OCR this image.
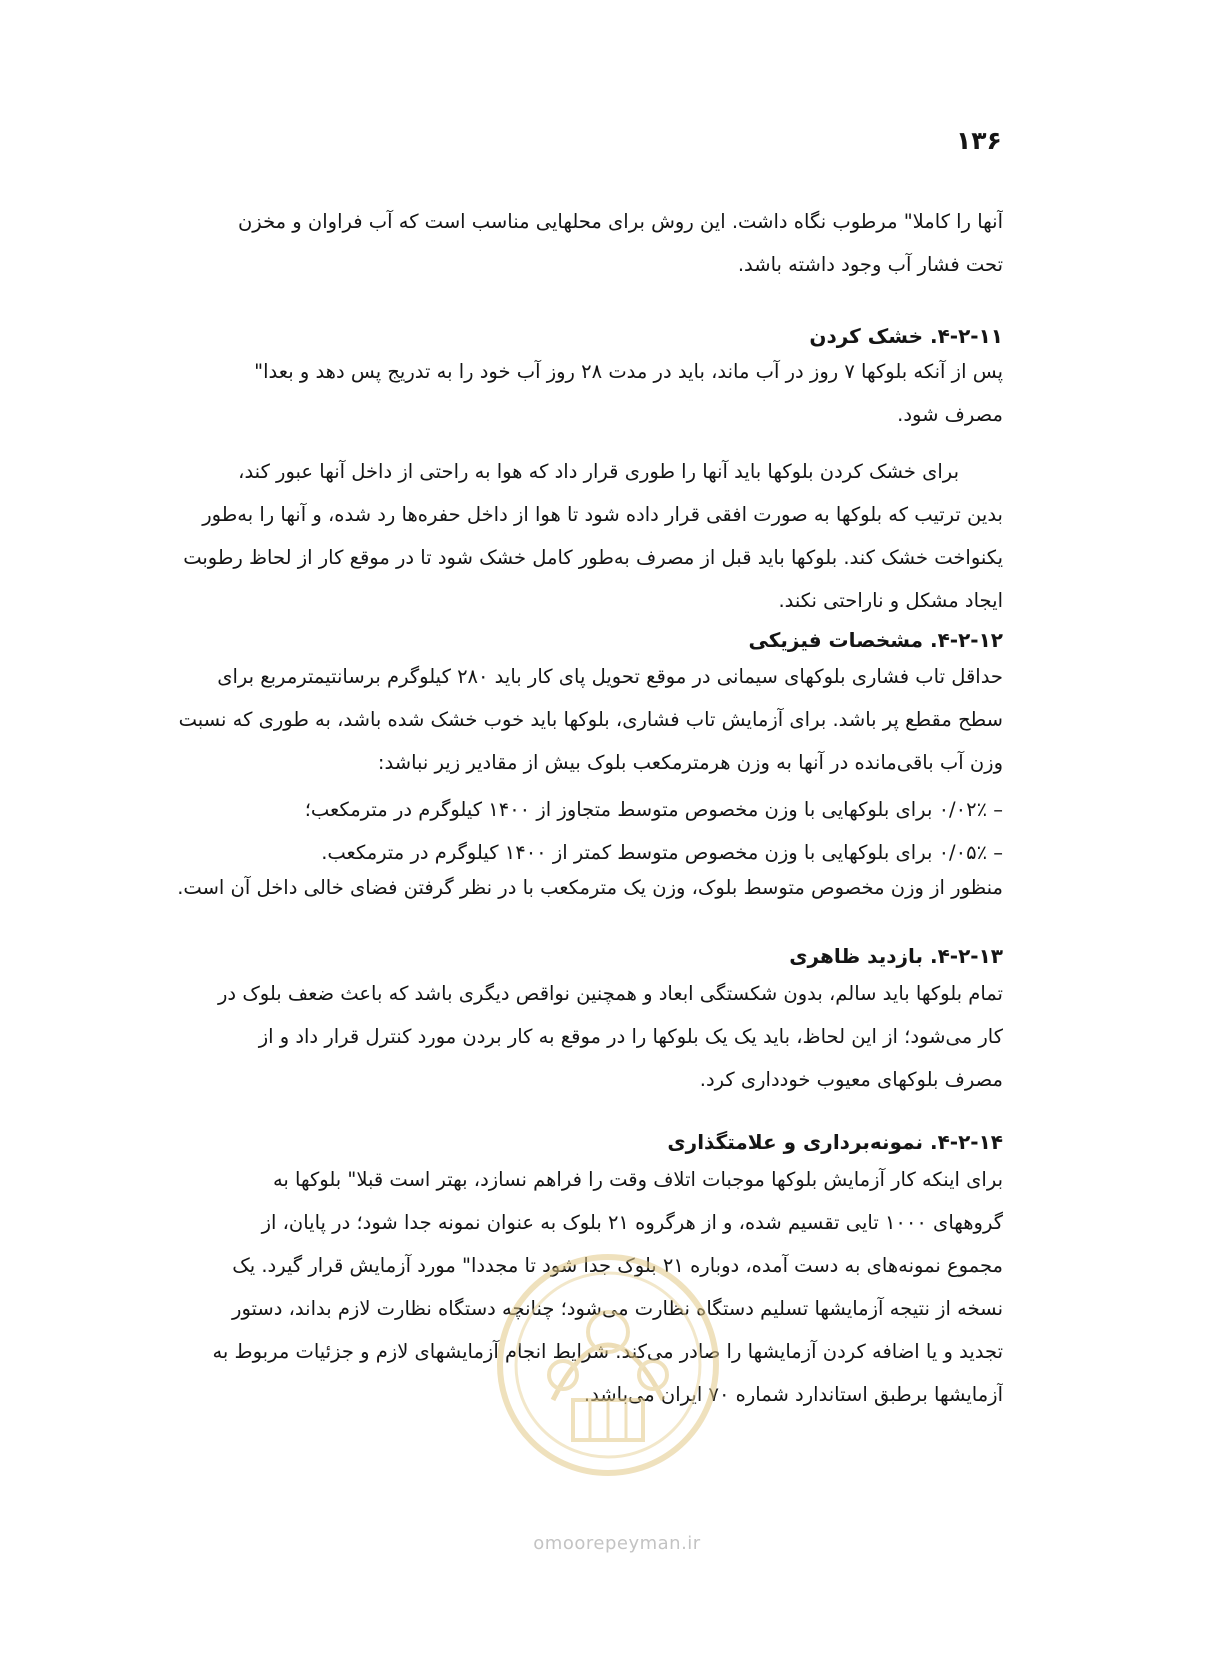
۱۳۶
آنها را کاملا" مرطوب نگاه داشت. این روش برای محلهایی مناسب است که آب فراوان و مخزن
تحت فشار آب وجود داشته باشد.
۴-۲-۱۱. خشک کردن
پس از آنکه بلوکها ۷ روز در آب ماند، باید در مدت ۲۸ روز آب خود را به تدریج پس دهد و بعدا"
مصرف شود.
برای خشک کردن بلوکها باید آنها را طوری قرار داد که هوا به راحتی از داخل آنها عبور کند،
بدین ترتیب که بلوکها به صورت افقی قرار داده شود تا هوا از داخل حفره‌ها رد شده، و آنها را به‌طور
یکنواخت خشک کند. بلوکها باید قبل از مصرف به‌طور کامل خشک شود تا در موقع کار از لحاظ رطوبت
ایجاد مشکل و ناراحتی نکند.
۴-۲-۱۲. مشخصات فیزیکی
حداقل تاب فشاری بلوکهای سیمانی در موقع تحویل پای کار باید ۲۸۰ کیلوگرم برسانتیمترمربع برای
سطح مقطع پر باشد. برای آزمایش تاب فشاری، بلوکها باید خوب خشک شده باشد، به طوری که نسبت
وزن آب باقی‌مانده در آنها به وزن هرمترمکعب بلوک بیش از مقادیر زیر نباشد:
– ۰/۰۲٪ برای بلوکهایی با وزن مخصوص متوسط متجاوز از ۱۴۰۰ کیلوگرم در مترمکعب؛
– ۰/۰۵٪ برای بلوکهایی با وزن مخصوص متوسط کمتر از ۱۴۰۰ کیلوگرم در مترمکعب.
منظور از وزن مخصوص متوسط بلوک، وزن یک مترمکعب با در نظر گرفتن فضای خالی داخل آن است.
۴-۲-۱۳. بازدید ظاهری
تمام بلوکها باید سالم، بدون شکستگی ابعاد و همچنین نواقص دیگری باشد که باعث ضعف بلوک در
کار می‌شود؛ از این لحاظ، باید یک یک بلوکها را در موقع به کار بردن مورد کنترل قرار داد و از
مصرف بلوکهای معیوب خودداری کرد.
۴-۲-۱۴. نمونه‌برداری و علامتگذاری
برای اینکه کار آزمایش بلوکها موجبات اتلاف وقت را فراهم نسازد، بهتر است قبلا" بلوکها به
گروههای ۱۰۰۰ تایی تقسیم شده، و از هرگروه ۲۱ بلوک به عنوان نمونه جدا شود؛ در پایان، از
مجموع نمونه‌های به دست آمده، دوباره ۲۱ بلوک جدا شود تا مجددا" مورد آزمایش قرار گیرد. یک
نسخه از نتیجه آزمایشها تسلیم دستگاه نظارت می‌شود؛ چنانچه دستگاه نظارت لازم بداند، دستور
تجدید و یا اضافه کردن آزمایشها را صادر می‌کند. شرایط انجام آزمایشهای لازم و جزئیات مربوط به
آزمایشها برطبق استاندارد شماره ۷۰ ایران می‌باشد.
omoorepeyman.ir
